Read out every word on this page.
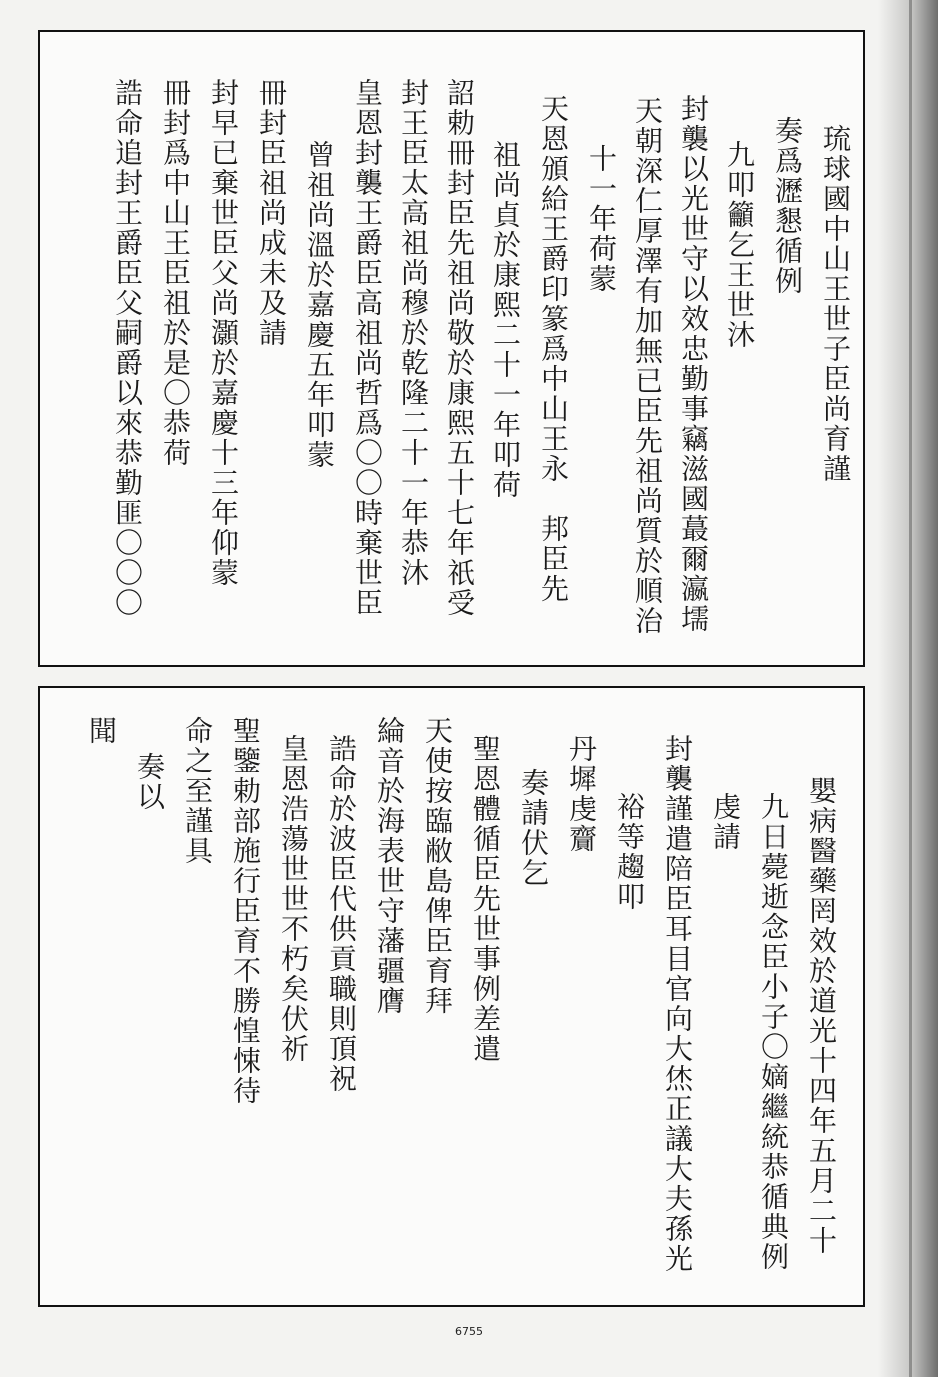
琉球國中山王世子臣尚育謹
奏爲瀝懇循例
九叩籲乞王世沐
封襲以光世守以效忠勤事竊滋國蕞爾瀛壖
天朝深仁厚澤有加無已臣先祖尚質於順治
十一年荷蒙
天恩頒給王爵印篆爲中山王永　邦臣先
祖尚貞於康熙二十一年叩荷
詔勅冊封臣先祖尚敬於康熙五十七年祇受
封王臣太高祖尚穆於乾隆二十一年恭沐
皇恩封襲王爵臣高祖尚哲爲〇〇時棄世臣
曾祖尚溫於嘉慶五年叩蒙
冊封臣祖尚成未及請
封早已棄世臣父尚灝於嘉慶十三年仰蒙
冊封爲中山王臣祖於是〇恭荷
誥命追封王爵臣父嗣爵以來恭勤匪〇〇〇
嬰病醫藥罔效於道光十四年五月二十
九日薨逝念臣小子〇嫡繼統恭循典例
虔請
封襲謹遣陪臣耳目官向大烋正議大夫孫光
裕等趨叩
丹墀虔齎
奏請伏乞
聖恩體循臣先世事例差遣
天使按臨敝島俾臣育拜
綸音於海表世守藩疆膺
誥命於波臣代供貢職則頂祝
皇恩浩蕩世世不朽矣伏祈
聖鑒勅部施行臣育不勝惶悚待
命之至謹具
奏以
聞
6755
